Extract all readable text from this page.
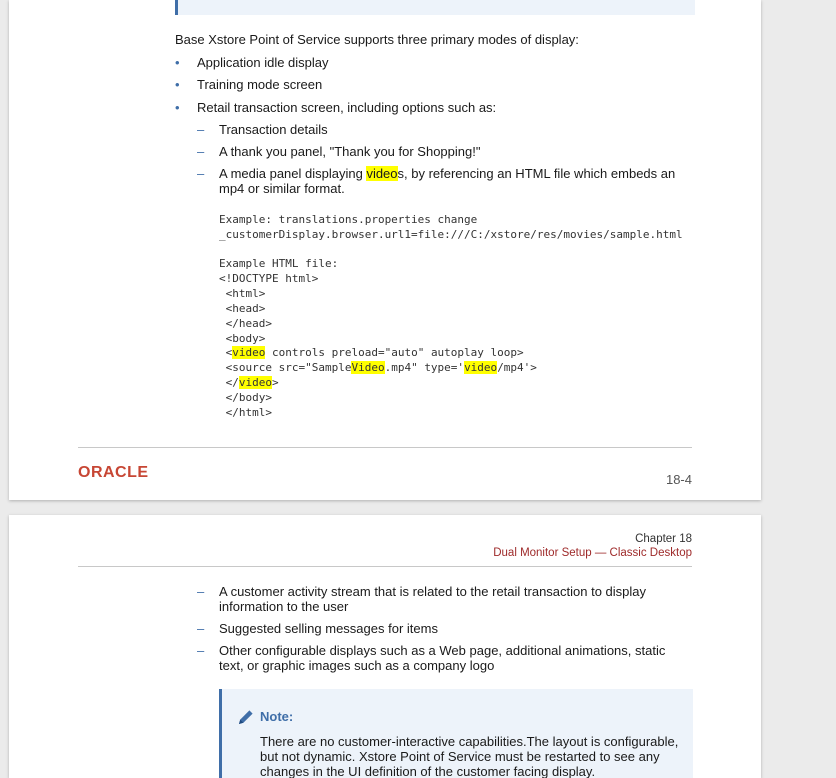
Base Xstore Point of Service supports three primary modes of display:

• Application idle display

• Training mode screen

• Retail transaction screen, including options such as:

– Transaction details

– A thank you panel, "Thank you for Shopping!"

– A media panel displaying videos, by referencing an HTML file which embeds an mp4 or similar format.

Example: translations.properties change
_customerDisplay.browser.url1=file:///C:/xstore/res/movies/sample.html
Example HTML file:
<!DOCTYPE html>
<html>
<head>
</head>
<body>
<video controls preload="auto" autoplay loop>
<source src="SampleVideo.mp4" type='video/mp4'>
</video>
</body>
</html>
ORACLE	18-4
Chapter 18
Dual Monitor Setup — Classic Desktop
– A customer activity stream that is related to the retail transaction to display information to the user

– Suggested selling messages for items

– Other configurable displays such as a Web page, additional animations, static text, or graphic images such as a company logo

Note:
There are no customer-interactive capabilities.The layout is configurable, but not dynamic. Xstore Point of Service must be restarted to see any changes in the UI definition of the customer facing display.
